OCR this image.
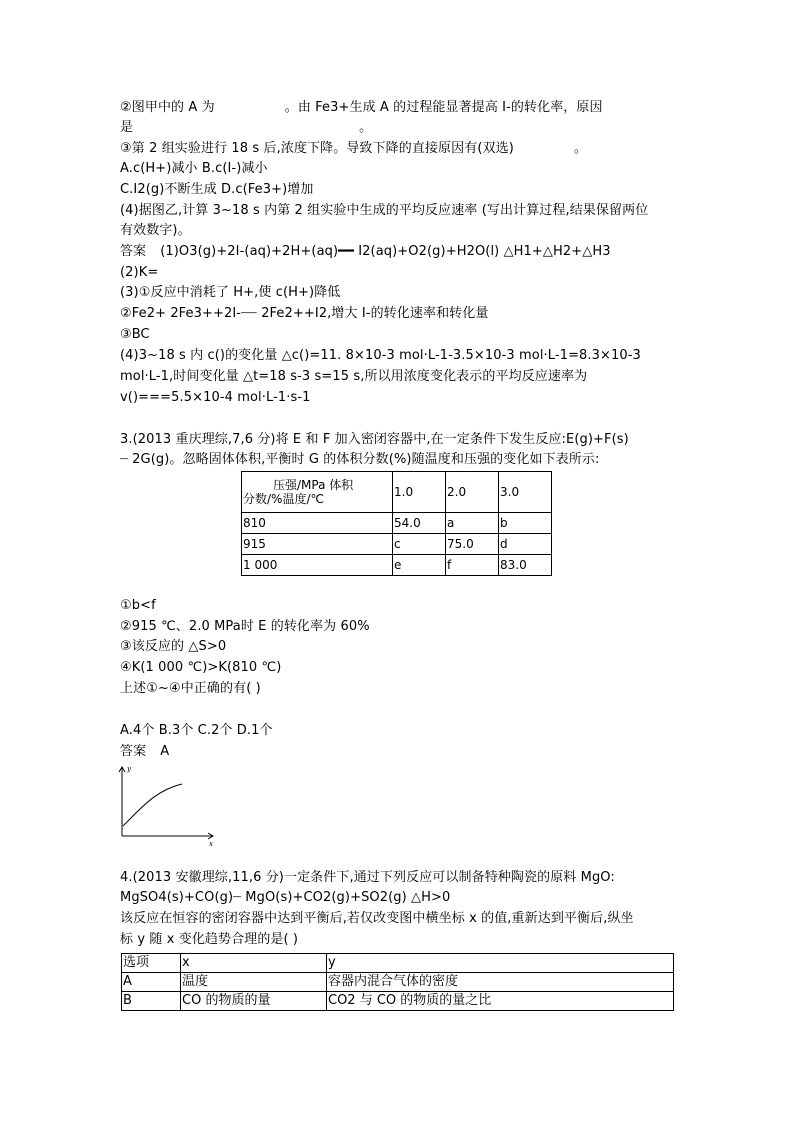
②图甲中的 A 为	。由 Fe3+生成 A 的过程能显著提高 I-的转化率，原因
是	。
③第 2 组实验进行 18 s 后,浓度下降。导致下降的直接原因有(双选)	。
A.c(H+)减小 B.c(I-)减小
C.I2(g)不断生成 D.c(Fe3+)增加
(4)据图乙,计算 3~18 s 内第 2 组实验中生成的平均反应速率 (写出计算过程,结果保留两位
有效数字)。
答案 (1)O3(g)+2I-(aq)+2H+(aq)━━ I2(aq)+O2(g)+H2O(l) △H1+△H2+△H3
(2)K=
(3)①反应中消耗了 H+,使 c(H+)降低
②Fe2+ 2Fe3++2I-┈┈ 2Fe2++I2,增大 I-的转化速率和转化量
③BC
(4)3~18 s 内 c()的变化量 △c()=11. 8×10-3 mol·L-1-3.5×10-3 mol·L-1=8.3×10-3
mol·L-1,时间变化量 △t=18 s-3 s=15 s,所以用浓度变化表示的平均反应速率为
v()===5.5×10-4 mol·L-1·s-1
3.(2013 重庆理综,7,6 分)将 E 和 F 加入密闭容器中,在一定条件下发生反应:E(g)+F(s)
┈ 2G(g)。忽略固体体积,平衡时 G 的体积分数(%)随温度和压强的变化如下表所示:
压强/MPa 体积
分数/%温度/℃	1.0	2.0	3.0
810	54.0	a	b
915	c	75.0	d
1 000	e	f	83.0
①b<f
②915 ℃、2.0 MPa时 E 的转化率为 60%
③该反应的 △S>0
④K(1 000 ℃)>K(810 ℃)
上述①~④中正确的有( )
A.4个 B.3个 C.2个 D.1个
答案 A
y
x
4.(2013 安徽理综,11,6 分)一定条件下,通过下列反应可以制备特种陶瓷的原料 MgO:
MgSO4(s)+CO(g)┈ MgO(s)+CO2(g)+SO2(g) △H>0
该反应在恒容的密闭容器中达到平衡后,若仅改变图中横坐标 x 的值,重新达到平衡后,纵坐
标 y 随 x 变化趋势合理的是( )
选项	x	y
A	温度	容器内混合气体的密度
B	CO 的物质的量	CO2 与 CO 的物质的量之比
